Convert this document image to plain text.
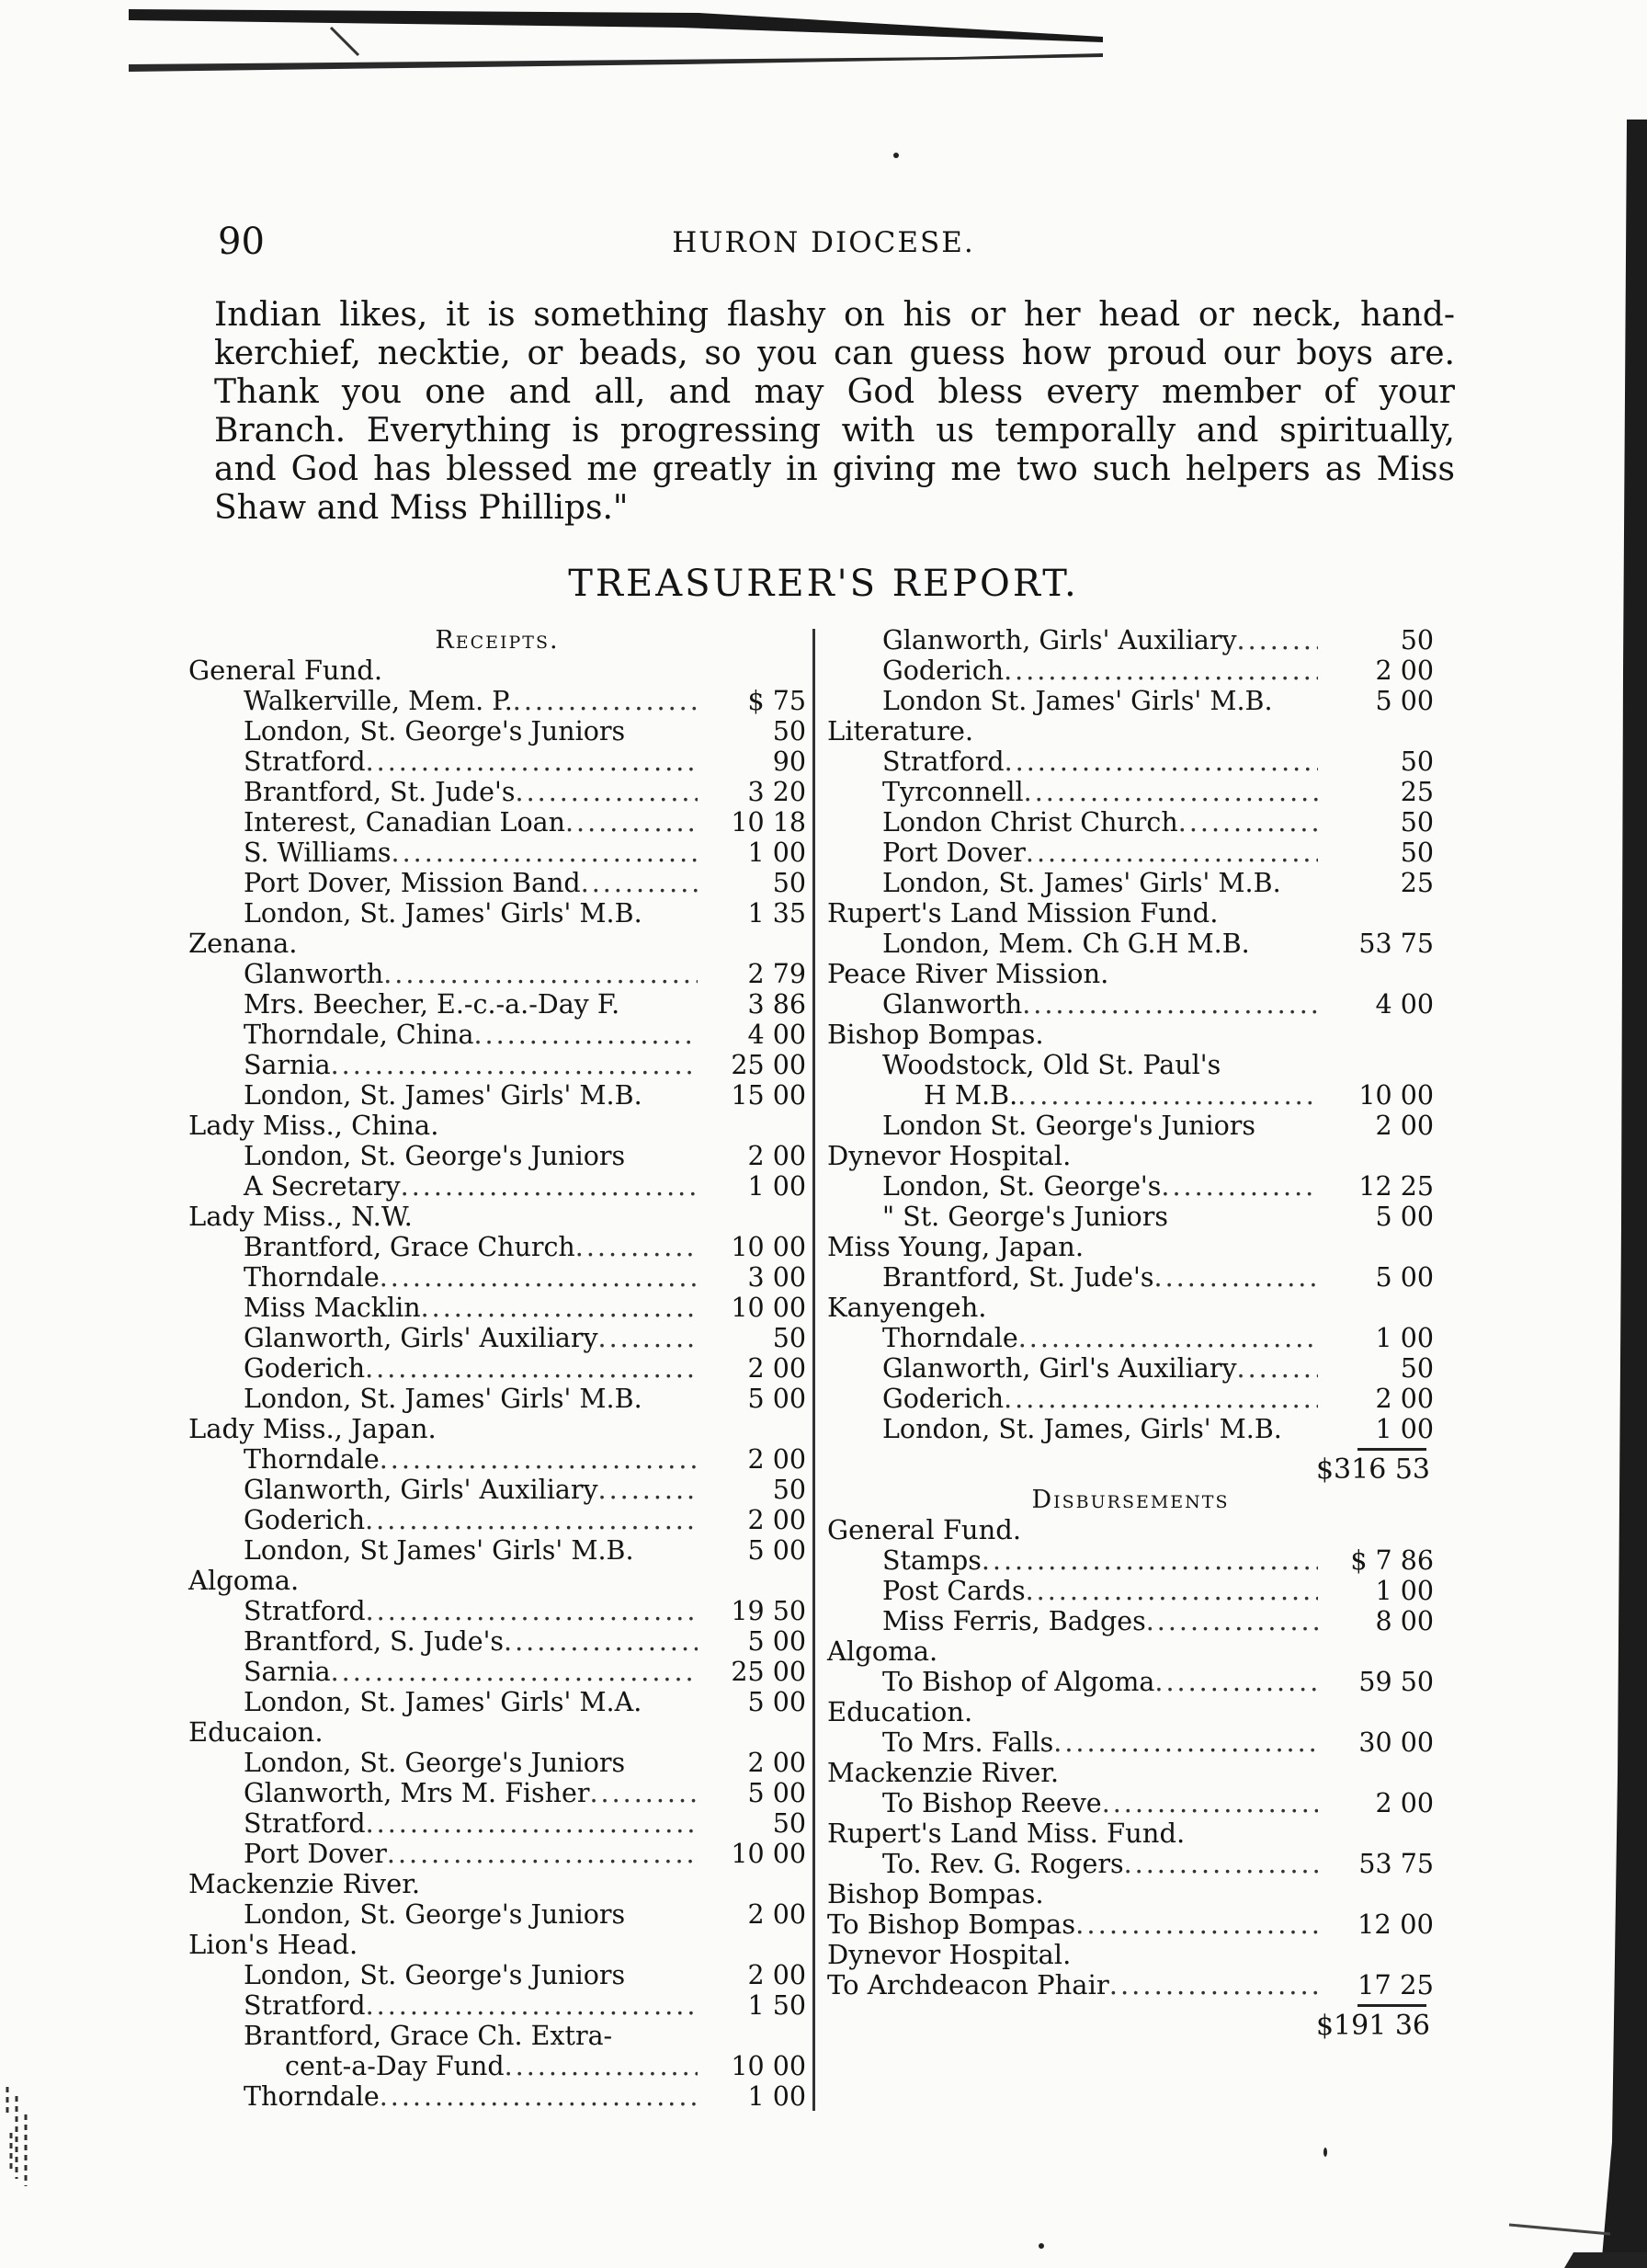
90	HURON DIOCESE.

Indian likes, it is something flashy on his or her head or neck, hand-

kerchief, necktie, or beads, so you can guess how proud our boys are.

Thank you one and all, and may God bless every member of your

Branch. Everything is progressing with us temporally and spiritually,

and God has blessed me greatly in giving me two such helpers as Miss

Shaw and Miss Phillips."

TREASURER'S REPORT.
Receipts.
General Fund.
Walkerville, Mem. P. .....	$ 75
London, St. George's Juniors	50
Stratford .....	90
Brantford, St. Jude's .....	3 20
Interest, Canadian Loan .....	10 18
S. Williams .....	1 00
Port Dover, Mission Band .....	50
London, St. James' Girls' M.B.	1 35
Zenana.
Glanworth .....	2 79
Mrs. Beecher, E.-c.-a.-Day F.	3 86
Thorndale, China .....	4 00
Sarnia .....	25 00
London, St. James' Girls' M.B.	15 00
Lady Miss., China.
London, St. George's Juniors	2 00
A Secretary .....	1 00
Lady Miss., N.W.
Brantford, Grace Church .....	10 00
Thorndale .....	3 00
Miss Macklin .....	10 00
Glanworth, Girls' Auxiliary .....	50
Goderich .....	2 00
London, St. James' Girls' M.B.	5 00
Lady Miss., Japan.
Thorndale .....	2 00
Glanworth, Girls' Auxiliary .....	50
Goderich .....	2 00
London, St James' Girls' M.B.	5 00
Algoma.
Stratford .....	19 50
Brantford, S. Jude's .....	5 00
Sarnia .....	25 00
London, St. James' Girls' M.A.	5 00
Educaion.
London, St. George's Juniors	2 00
Glanworth, Mrs M. Fisher .....	5 00
Stratford .....	50
Port Dover .....	10 00
Mackenzie River.
London, St. George's Juniors	2 00
Lion's Head.
London, St. George's Juniors	2 00
Stratford .....	1 50
Brantford, Grace Ch. Extra-
cent-a-Day Fund .....	10 00
Thorndale .....	1 00
Glanworth, Girls' Auxiliary .....	50
Goderich .....	2 00
London St. James' Girls' M.B.	5 00
Literature.
Stratford .....	50
Tyrconnell .....	25
London Christ Church .....	50
Port Dover .....	50
London, St. James' Girls' M.B.	25
Rupert's Land Mission Fund.
London, Mem. Ch G.H M.B.	53 75
Peace River Mission.
Glanworth .....	4 00
Bishop Bompas.
Woodstock, Old St. Paul's
H M.B. .....	10 00
London St. George's Juniors	2 00
Dynevor Hospital.
London, St. George's .....	12 25
" St. George's Juniors	5 00
Miss Young, Japan.
Brantford, St. Jude's .....	5 00
Kanyengeh.
Thorndale .....	1 00
Glanworth, Girl's Auxiliary .....	50
Goderich .....	2 00
London, St. James, Girls' M.B.	1 00
$316 53
Disbursements
General Fund.
Stamps .....	$ 7 86
Post Cards .....	1 00
Miss Ferris, Badges .....	8 00
Algoma.
To Bishop of Algoma .....	59 50
Education.
To Mrs. Falls .....	30 00
Mackenzie River.
To Bishop Reeve .....	2 00
Rupert's Land Miss. Fund.
To. Rev. G. Rogers .....	53 75
Bishop Bompas.
To Bishop Bompas .....	12 00
Dynevor Hospital.
To Archdeacon Phair .....	17 25
$191 36
